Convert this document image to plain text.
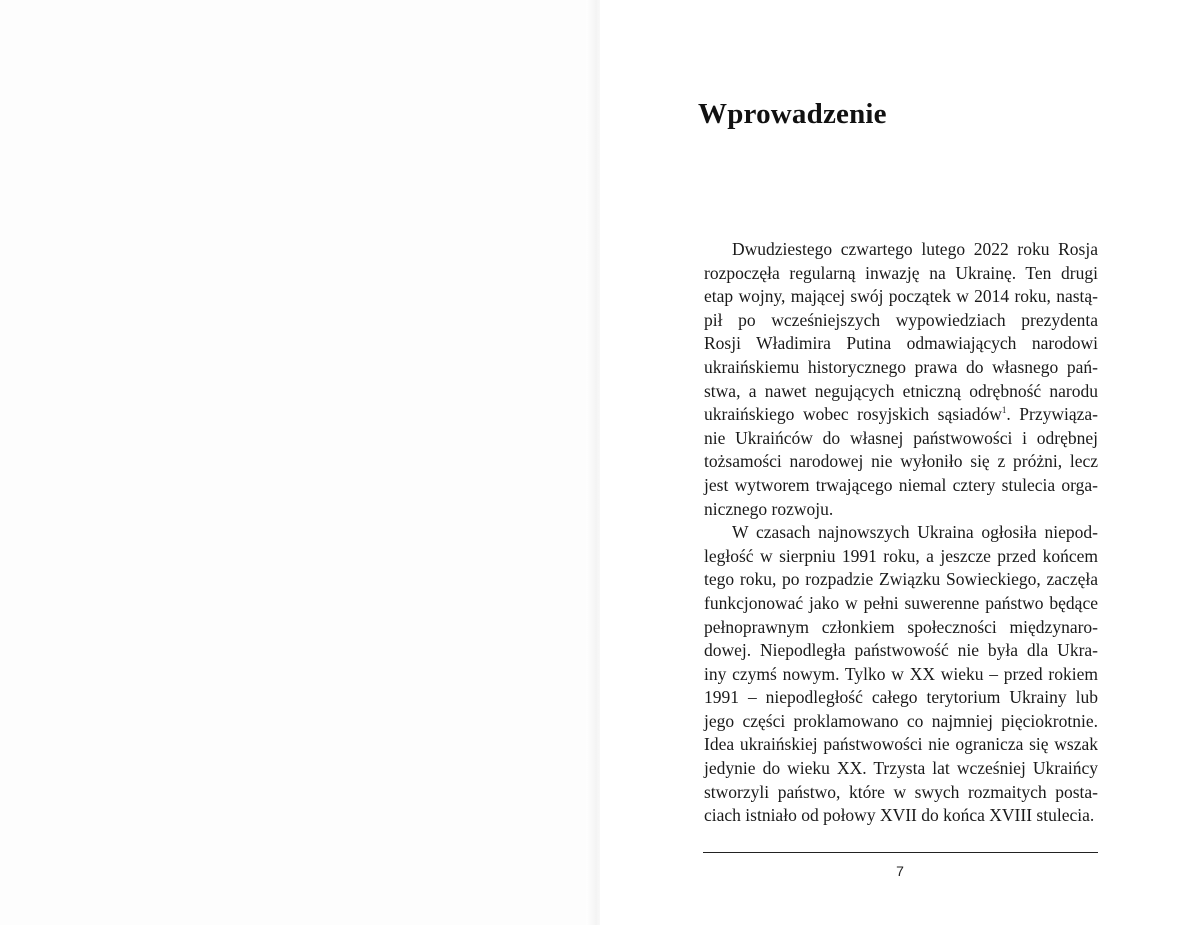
Wprowadzenie
Dwudziestego czwartego lutego 2022 roku Rosja
rozpoczęła regularną inwazję na Ukrainę. Ten drugi
etap wojny, mającej swój początek w 2014 roku, nastą-
pił po wcześniejszych wypowiedziach prezydenta
Rosji Władimira Putina odmawiających narodowi
ukraińskiemu historycznego prawa do własnego pań-
stwa, a nawet negujących etniczną odrębność narodu
ukraińskiego wobec rosyjskich sąsiadów$^1$. Przywiąza-
nie Ukraińców do własnej państwowości i odrębnej
tożsamości narodowej nie wyłoniło się z próżni, lecz
jest wytworem trwającego niemal cztery stulecia orga-
nicznego rozwoju.
W czasach najnowszych Ukraina ogłosiła niepod-
ległość w sierpniu 1991 roku, a jeszcze przed końcem
tego roku, po rozpadzie Związku Sowieckiego, zaczęła
funkcjonować jako w pełni suwerenne państwo będące
pełnoprawnym członkiem społeczności międzynaro-
dowej. Niepodległa państwowość nie była dla Ukra-
iny czymś nowym. Tylko w XX wieku – przed rokiem
1991 – niepodległość całego terytorium Ukrainy lub
jego części proklamowano co najmniej pięciokrotnie.
Idea ukraińskiej państwowości nie ogranicza się wszak
jedynie do wieku XX. Trzysta lat wcześniej Ukraińcy
stworzyli państwo, które w swych rozmaitych posta-
ciach istniało od połowy XVII do końca XVIII stulecia.
7
